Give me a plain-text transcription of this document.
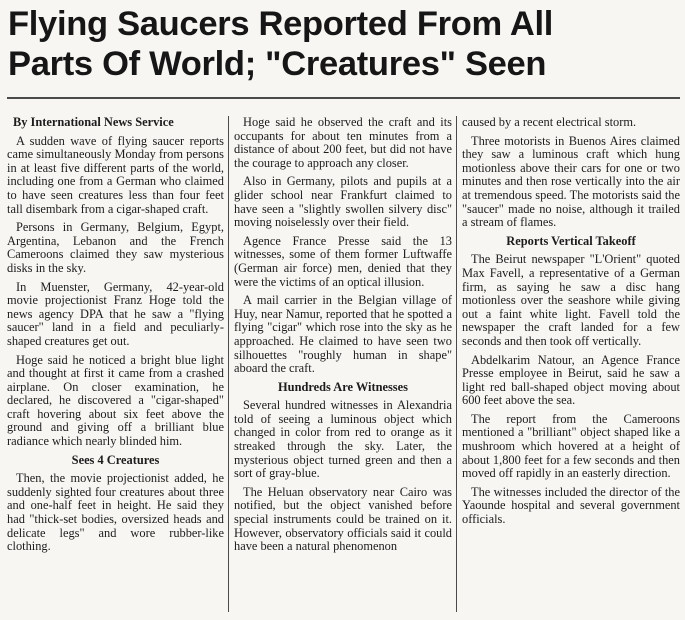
Flying Saucers Reported From All
Parts Of World; "Creatures" Seen

By International News Service

A sudden wave of flying saucer reports came simultaneously Monday from persons in at least five different parts of the world, including one from a German who claimed to have seen creatures less than four feet tall disembark from a cigar-shaped craft.

Persons in Germany, Belgium, Egypt, Argentina, Lebanon and the French Cameroons claimed they saw mysterious disks in the sky.

In Muenster, Germany, 42-year-old movie projectionist Franz Hoge told the news agency DPA that he saw a "flying saucer" land in a field and peculiarly-shaped creatures get out.

Hoge said he noticed a bright blue light and thought at first it came from a crashed airplane. On closer examination, he declared, he discovered a "cigar-shaped" craft hovering about six feet above the ground and giving off a brilliant blue radiance which nearly blinded him.

Sees 4 Creatures

Then, the movie projectionist added, he suddenly sighted four creatures about three and one-half feet in height. He said they had "thick-set bodies, oversized heads and delicate legs" and wore rubber-like clothing.

Hoge said he observed the craft and its occupants for about ten minutes from a distance of about 200 feet, but did not have the courage to approach any closer.

Also in Germany, pilots and pupils at a glider school near Frankfurt claimed to have seen a "slightly swollen silvery disc" moving noiselessly over their field.

Agence France Presse said the 13 witnesses, some of them former Luftwaffe (German air force) men, denied that they were the victims of an optical illusion.

A mail carrier in the Belgian village of Huy, near Namur, reported that he spotted a flying "cigar" which rose into the sky as he approached. He claimed to have seen two silhouettes "roughly human in shape" aboard the craft.

Hundreds Are Witnesses

Several hundred witnesses in Alexandria told of seeing a luminous object which changed in color from red to orange as it streaked through the sky. Later, the mysterious object turned green and then a sort of gray-blue.

The Heluan observatory near Cairo was notified, but the object vanished before special instruments could be trained on it. However, observatory officials said it could have been a natural phenomenon

caused by a recent electrical storm.

Three motorists in Buenos Aires claimed they saw a luminous craft which hung motionless above their cars for one or two minutes and then rose vertically into the air at tremendous speed. The motorists said the "saucer" made no noise, although it trailed a stream of flames.

Reports Vertical Takeoff

The Beirut newspaper "L'Orient" quoted Max Favell, a representative of a German firm, as saying he saw a disc hang motionless over the seashore while giving out a faint white light. Favell told the newspaper the craft landed for a few seconds and then took off vertically.

Abdelkarim Natour, an Agence France Presse employee in Beirut, said he saw a light red ball-shaped object moving about 600 feet above the sea.

The report from the Cameroons mentioned a "brilliant" object shaped like a mushroom which hovered at a height of about 1,800 feet for a few seconds and then moved off rapidly in an easterly direction.

The witnesses included the director of the Yaounde hospital and several government officials.
